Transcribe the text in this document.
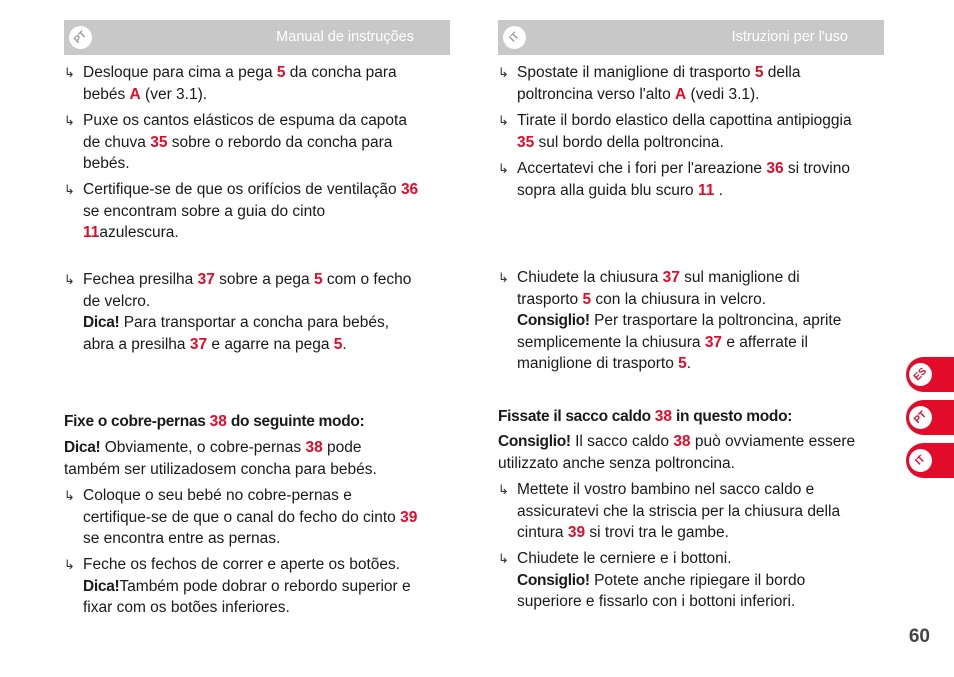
PT	Manual de instruções
↳ Desloque para cima a pega 5 da concha para
bebés A (ver 3.1).
↳ Puxe os cantos elásticos de espuma da capota
de chuva 35 sobre o rebordo da concha para
bebés.
↳ Certifique-se de que os orifícios de ventilação 36
se encontram sobre a guia do cinto
11azulescura.
↳ Fechea presilha 37 sobre a pega 5 com o fecho
de velcro.
Dica! Para transportar a concha para bebés,
abra a presilha 37 e agarre na pega 5.
Fixe o cobre-pernas 38 do seguinte modo:
Dica! Obviamente, o cobre-pernas 38 pode
também ser utilizadosem concha para bebés.
↳ Coloque o seu bebé no cobre-pernas e
certifique-se de que o canal do fecho do cinto 39
se encontra entre as pernas.
↳ Feche os fechos de correr e aperte os botões.
Dica!Também pode dobrar o rebordo superior e
fixar com os botões inferiores.
IT	Istruzioni per l'uso
↳ Spostate il maniglione di trasporto 5 della
poltroncina verso l'alto A (vedi 3.1).
↳ Tirate il bordo elastico della capottina antipioggia
35 sul bordo della poltroncina.
↳ Accertatevi che i fori per l'areazione 36 si trovino
sopra alla guida blu scuro 11 .
↳ Chiudete la chiusura 37 sul maniglione di
trasporto 5 con la chiusura in velcro.
Consiglio! Per trasportare la poltroncina, aprite
semplicemente la chiusura 37 e afferrate il
maniglione di trasporto 5.
Fissate il sacco caldo 38 in questo modo:
Consiglio! Il sacco caldo 38 può ovviamente essere
utilizzato anche senza poltroncina.
↳ Mettete il vostro bambino nel sacco caldo e
assicuratevi che la striscia per la chiusura della
cintura 39 si trovi tra le gambe.
↳ Chiudete le cerniere e i bottoni.
Consiglio! Potete anche ripiegare il bordo
superiore e fissarlo con i bottoni inferiori.
ES
PT
IT
60
